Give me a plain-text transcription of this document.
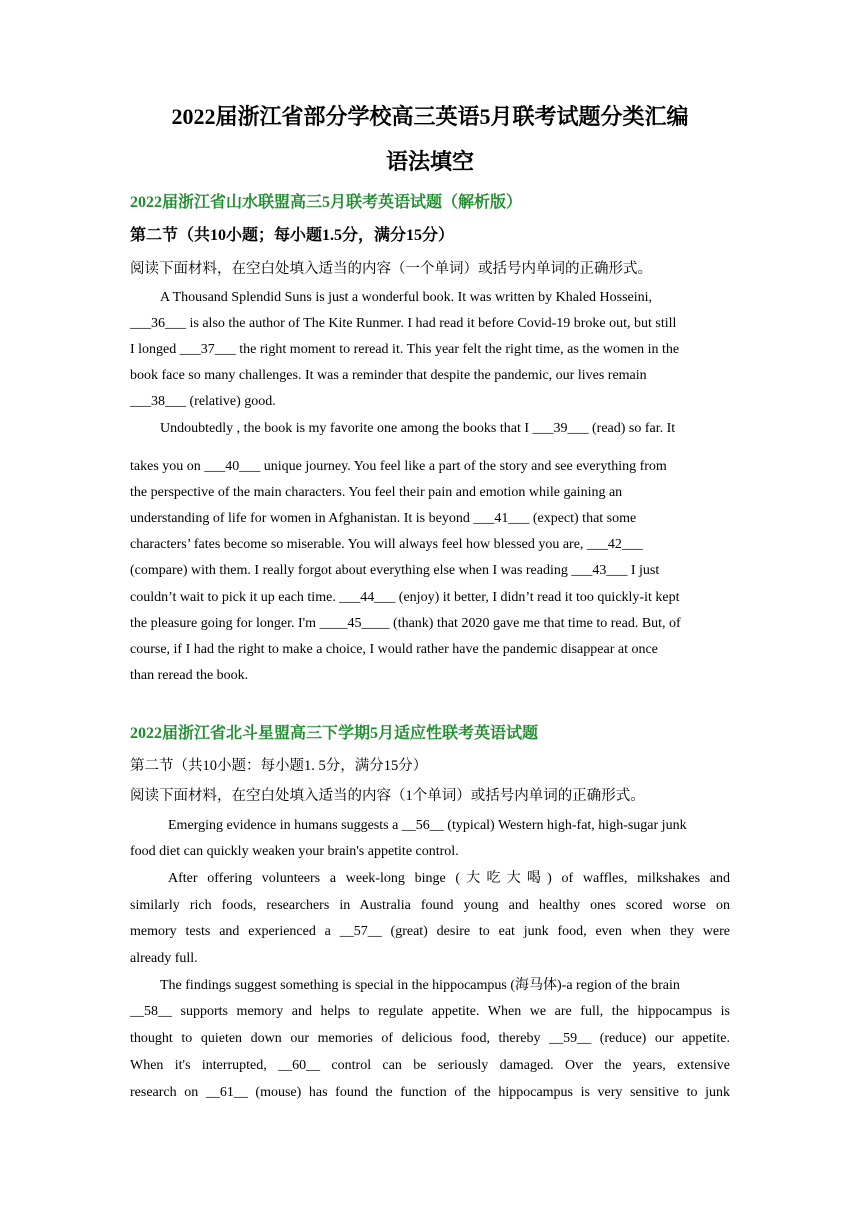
2022届浙江省部分学校高三英语5月联考试题分类汇编
语法填空
2022届浙江省山水联盟高三5月联考英语试题（解析版）
第二节（共10小题；每小题1.5分，满分15分）
阅读下面材料，在空白处填入适当的内容（一个单词）或括号内单词的正确形式。
A Thousand Splendid Suns is just a wonderful book. It was written by Khaled Hosseini,
___36___ is also the author of The Kite Runmer. I had read it before Covid-19 broke out, but still
I longed ___37___ the right moment to reread it. This year felt the right time, as the women in the
book face so many challenges. It was a reminder that despite the pandemic, our lives remain
___38___ (relative) good.
Undoubtedly , the book is my favorite one among the books that I ___39___ (read) so far. It
takes you on ___40___ unique journey. You feel like a part of the story and see everything from
the perspective of the main characters. You feel their pain and emotion while gaining an
understanding of life for women in Afghanistan. It is beyond ___41___ (expect) that some
characters’ fates become so miserable. You will always feel how blessed you are, ___42___
(compare) with them. I really forgot about everything else when I was reading ___43___ I just
couldn’t wait to pick it up each time. ___44___ (enjoy) it better, I didn’t read it too quickly-it kept
the pleasure going for longer. I'm ____45____ (thank) that 2020 gave me that time to read. But, of
course, if I had the right to make a choice, I would rather have the pandemic disappear at once
than reread the book.
2022届浙江省北斗星盟高三下学期5月适应性联考英语试题
第二节（共10小题：每小题1. 5分，满分15分）
阅读下面材料，在空白处填入适当的内容（1个单词）或括号内单词的正确形式。
Emerging evidence in humans suggests a __56__ (typical) Western high-fat, high-sugar junk
food diet can quickly weaken your brain's appetite control.
After offering volunteers a week-long binge (大吃大喝) of waffles, milkshakes and
similarly rich foods, researchers in Australia found young and healthy ones scored worse on
memory tests and experienced a __57__ (great) desire to eat junk food, even when they were
already full.
The findings suggest something is special in the hippocampus (海马体)-a region of the brain
__58__ supports memory and helps to regulate appetite. When we are full, the hippocampus is
thought to quieten down our memories of delicious food, thereby __59__ (reduce) our appetite.
When it's interrupted, __60__ control can be seriously damaged. Over the years, extensive
research on __61__ (mouse) has found the function of the hippocampus is very sensitive to junk
